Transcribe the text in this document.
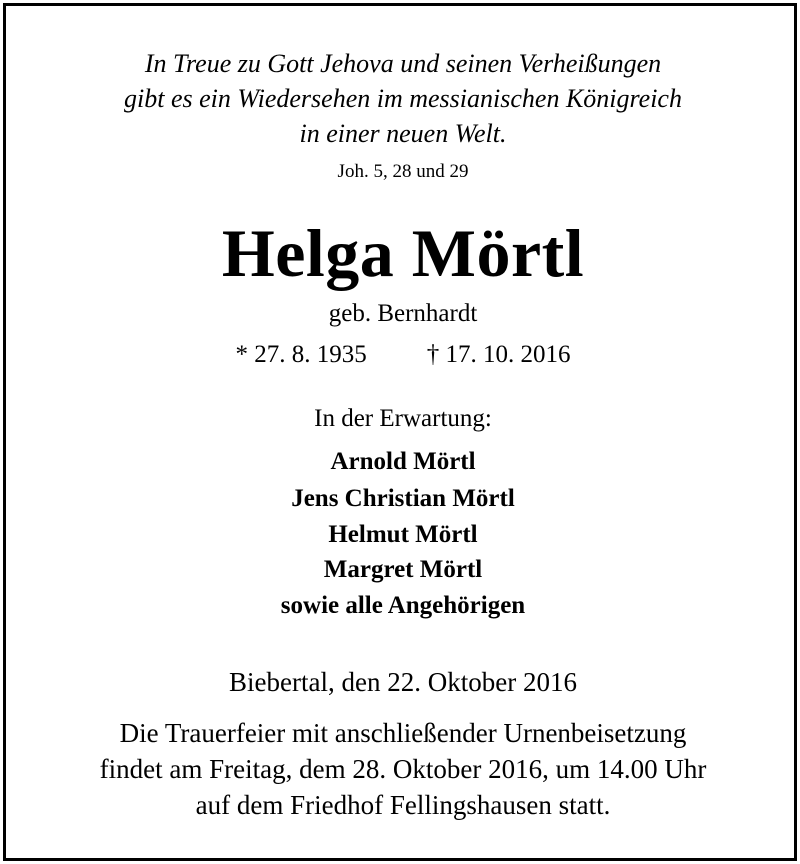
In Treue zu Gott Jehova und seinen Verheißungen
gibt es ein Wiedersehen im messianischen Königreich
in einer neuen Welt.
Joh. 5, 28 und 29
Helga Mörtl
geb. Bernhardt
* 27. 8. 1935 † 17. 10. 2016
In der Erwartung:
Arnold Mörtl
Jens Christian Mörtl
Helmut Mörtl
Margret Mörtl
sowie alle Angehörigen
Biebertal, den 22. Oktober 2016
Die Trauerfeier mit anschließender Urnenbeisetzung
findet am Freitag, dem 28. Oktober 2016, um 14.00 Uhr
auf dem Friedhof Fellingshausen statt.
